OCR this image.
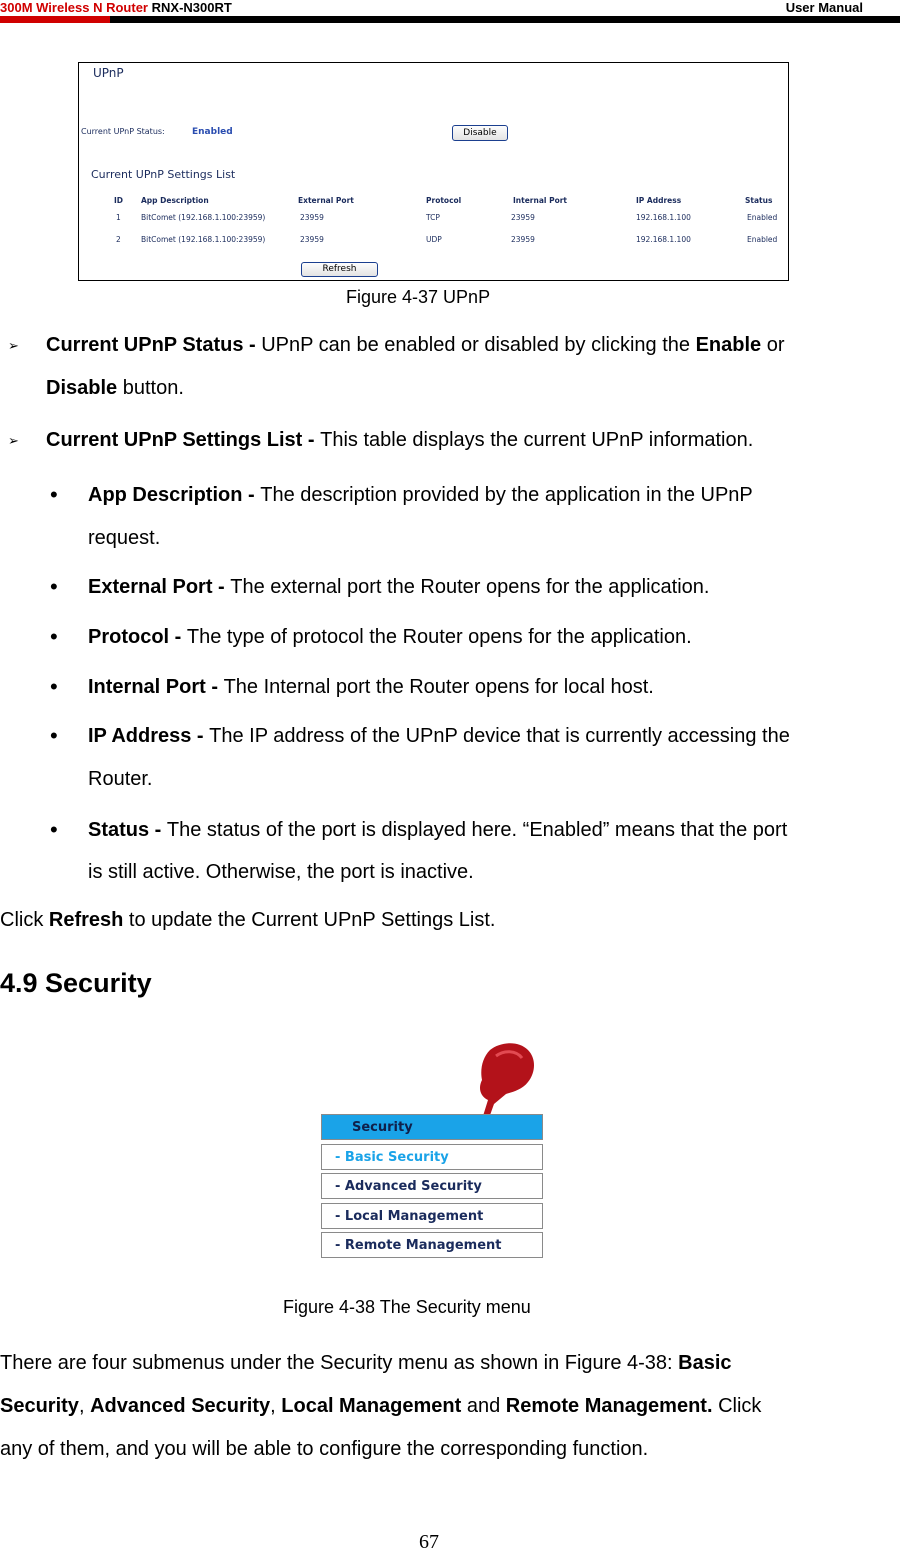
300M Wireless N Router RNX-N300RT	User Manual
UPnP
Current UPnP Status:	Enabled	Disable
Current UPnP Settings List
ID App Description	External Port	Protocol	Internal Port	IP Address	Status
1	BitComet (192.168.1.100:23959)	23959	TCP	23959	192.168.1.100	Enabled
2	BitComet (192.168.1.100:23959)	23959	UDP	23959	192.168.1.100	Enabled
Refresh
Figure 4-37 UPnP
➢ Current UPnP Status - UPnP can be enabled or disabled by clicking the Enable or
Disable button.
➢ Current UPnP Settings List - This table displays the current UPnP information.
• App Description - The description provided by the application in the UPnP
request.
• External Port - The external port the Router opens for the application.
• Protocol - The type of protocol the Router opens for the application.
• Internal Port - The Internal port the Router opens for local host.
• IP Address - The IP address of the UPnP device that is currently accessing the
Router.
• Status - The status of the port is displayed here. “Enabled” means that the port
is still active. Otherwise, the port is inactive.
Click Refresh to update the Current UPnP Settings List.
4.9 Security
Security
- Basic Security
- Advanced Security
- Local Management
- Remote Management
Figure 4-38 The Security menu
There are four submenus under the Security menu as shown in Figure 4-38: Basic
Security, Advanced Security, Local Management and Remote Management. Click
any of them, and you will be able to configure the corresponding function.
67
